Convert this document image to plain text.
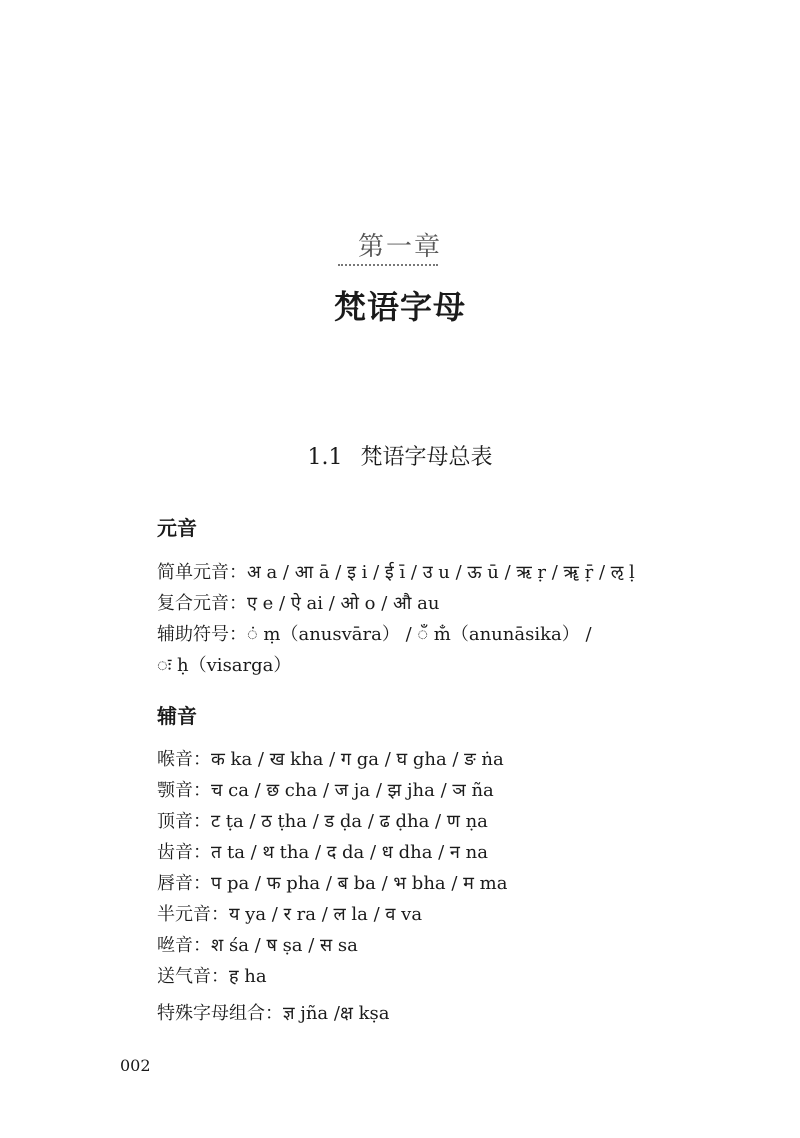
第一章
梵语字母
1.1 梵语字母总表
元音
简单元音：अ a / आ ā / इ i / ई ī / उ u / ऊ ū / ऋ ṛ / ॠ ṝ / ऌ ḷ
复合元音：ए e / ऐ ai / ओ o / औ au
辅助符号：ं ṃ（anusvāra） / ँ m̐（anunāsika） /
ः ḥ（visarga）
辅音
喉音：क ka / ख kha / ग ga / घ gha / ङ ṅa
颚音：च ca / छ cha / ज ja / झ jha / ञ ña
顶音：ट ṭa / ठ ṭha / ड ḍa / ढ ḍha / ण ṇa
齿音：त ta / थ tha / द da / ध dha / न na
唇音：प pa / फ pha / ब ba / भ bha / म ma
半元音：य ya / र ra / ल la / व va
咝音：श śa / ष ṣa / स sa
送气音：ह ha
特殊字母组合：ज्ञ jña /क्ष kṣa
002
